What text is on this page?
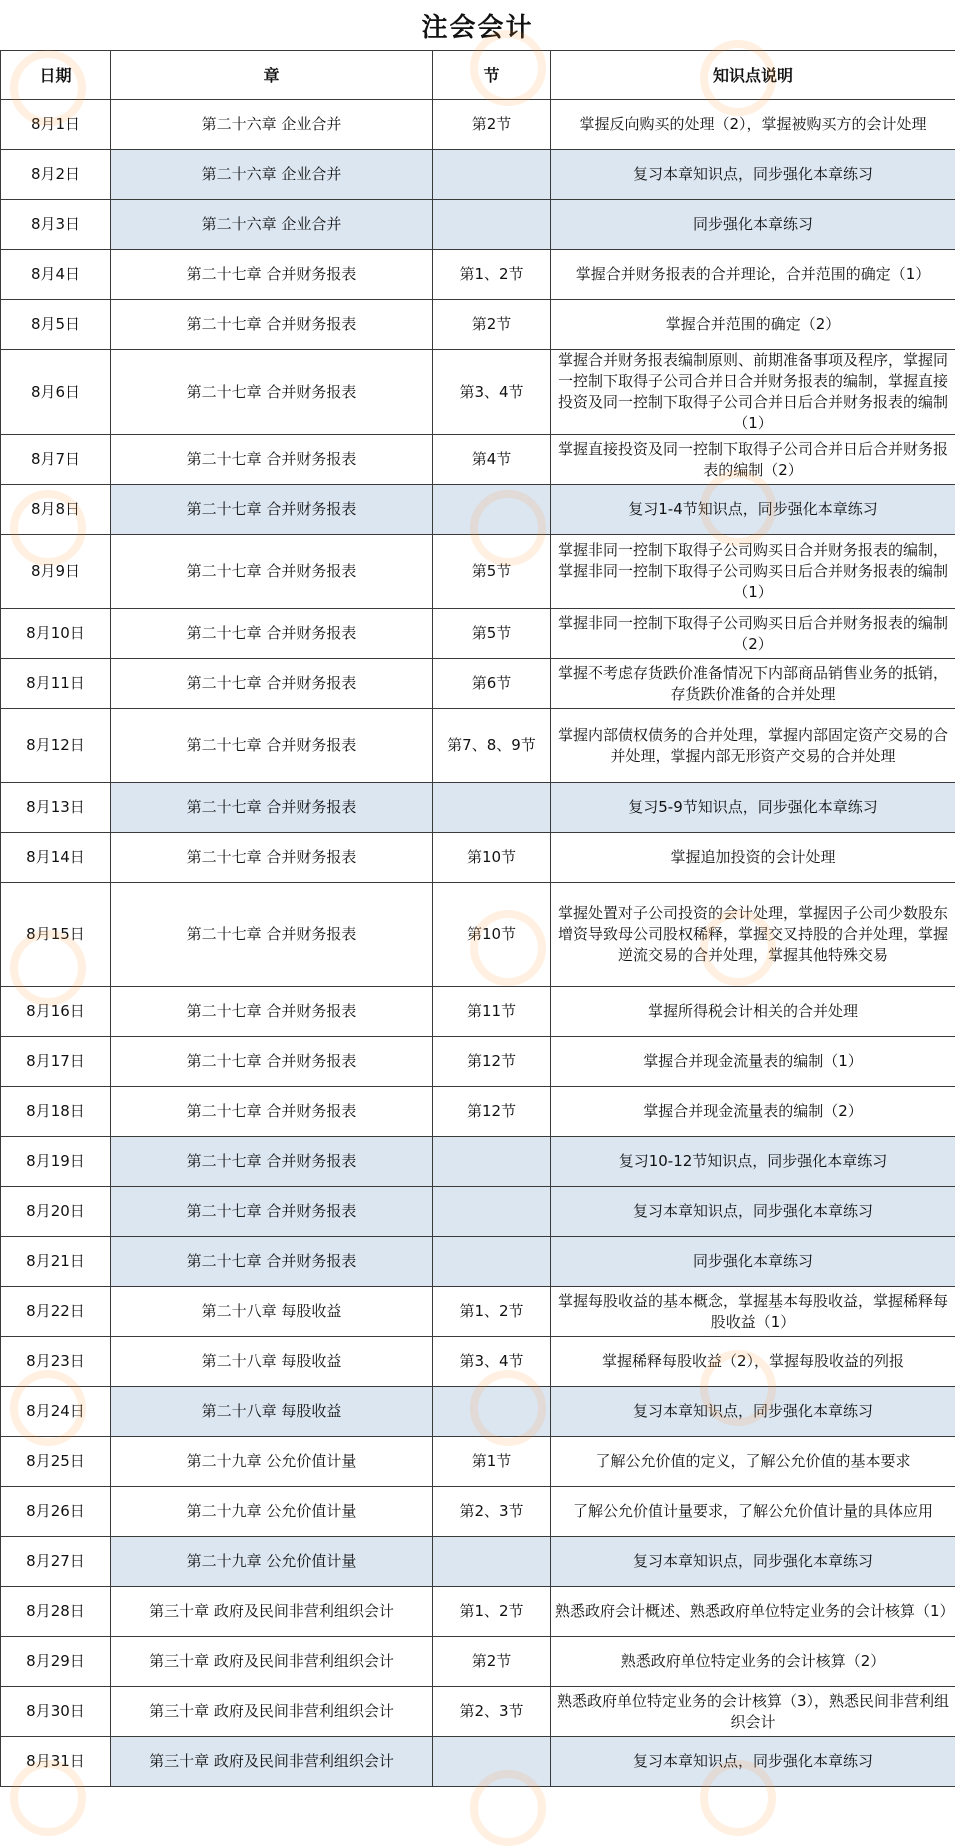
注会会计
日期	章	节	知识点说明
8月1日	第二十六章 企业合并	第2节	掌握反向购买的处理（2），掌握被购买方的会计处理
8月2日	第二十六章 企业合并		复习本章知识点，同步强化本章练习
8月3日	第二十六章 企业合并		同步强化本章练习
8月4日	第二十七章 合并财务报表	第1、2节	掌握合并财务报表的合并理论，合并范围的确定（1）
8月5日	第二十七章 合并财务报表	第2节	掌握合并范围的确定（2）
8月6日	第二十七章 合并财务报表	第3、4节	掌握合并财务报表编制原则、前期准备事项及程序，掌握同一控制下取得子公司合并日合并财务报表的编制，掌握直接投资及同一控制下取得子公司合并日后合并财务报表的编制（1）
8月7日	第二十七章 合并财务报表	第4节	掌握直接投资及同一控制下取得子公司合并日后合并财务报表的编制（2）
8月8日	第二十七章 合并财务报表		复习1-4节知识点，同步强化本章练习
8月9日	第二十七章 合并财务报表	第5节	掌握非同一控制下取得子公司购买日合并财务报表的编制，掌握非同一控制下取得子公司购买日后合并财务报表的编制（1）
8月10日	第二十七章 合并财务报表	第5节	掌握非同一控制下取得子公司购买日后合并财务报表的编制（2）
8月11日	第二十七章 合并财务报表	第6节	掌握不考虑存货跌价准备情况下内部商品销售业务的抵销，存货跌价准备的合并处理
8月12日	第二十七章 合并财务报表	第7、8、9节	掌握内部债权债务的合并处理，掌握内部固定资产交易的合并处理，掌握内部无形资产交易的合并处理
8月13日	第二十七章 合并财务报表		复习5-9节知识点，同步强化本章练习
8月14日	第二十七章 合并财务报表	第10节	掌握追加投资的会计处理
8月15日	第二十七章 合并财务报表	第10节	掌握处置对子公司投资的会计处理，掌握因子公司少数股东增资导致母公司股权稀释，掌握交叉持股的合并处理，掌握逆流交易的合并处理，掌握其他特殊交易
8月16日	第二十七章 合并财务报表	第11节	掌握所得税会计相关的合并处理
8月17日	第二十七章 合并财务报表	第12节	掌握合并现金流量表的编制（1）
8月18日	第二十七章 合并财务报表	第12节	掌握合并现金流量表的编制（2）
8月19日	第二十七章 合并财务报表		复习10-12节知识点，同步强化本章练习
8月20日	第二十七章 合并财务报表		复习本章知识点，同步强化本章练习
8月21日	第二十七章 合并财务报表		同步强化本章练习
8月22日	第二十八章 每股收益	第1、2节	掌握每股收益的基本概念，掌握基本每股收益，掌握稀释每股收益（1）
8月23日	第二十八章 每股收益	第3、4节	掌握稀释每股收益（2），掌握每股收益的列报
8月24日	第二十八章 每股收益		复习本章知识点，同步强化本章练习
8月25日	第二十九章 公允价值计量	第1节	了解公允价值的定义，了解公允价值的基本要求
8月26日	第二十九章 公允价值计量	第2、3节	了解公允价值计量要求，了解公允价值计量的具体应用
8月27日	第二十九章 公允价值计量		复习本章知识点，同步强化本章练习
8月28日	第三十章 政府及民间非营利组织会计	第1、2节	熟悉政府会计概述、熟悉政府单位特定业务的会计核算（1）
8月29日	第三十章 政府及民间非营利组织会计	第2节	熟悉政府单位特定业务的会计核算（2）
8月30日	第三十章 政府及民间非营利组织会计	第2、3节	熟悉政府单位特定业务的会计核算（3），熟悉民间非营利组织会计
8月31日	第三十章 政府及民间非营利组织会计		复习本章知识点，同步强化本章练习
